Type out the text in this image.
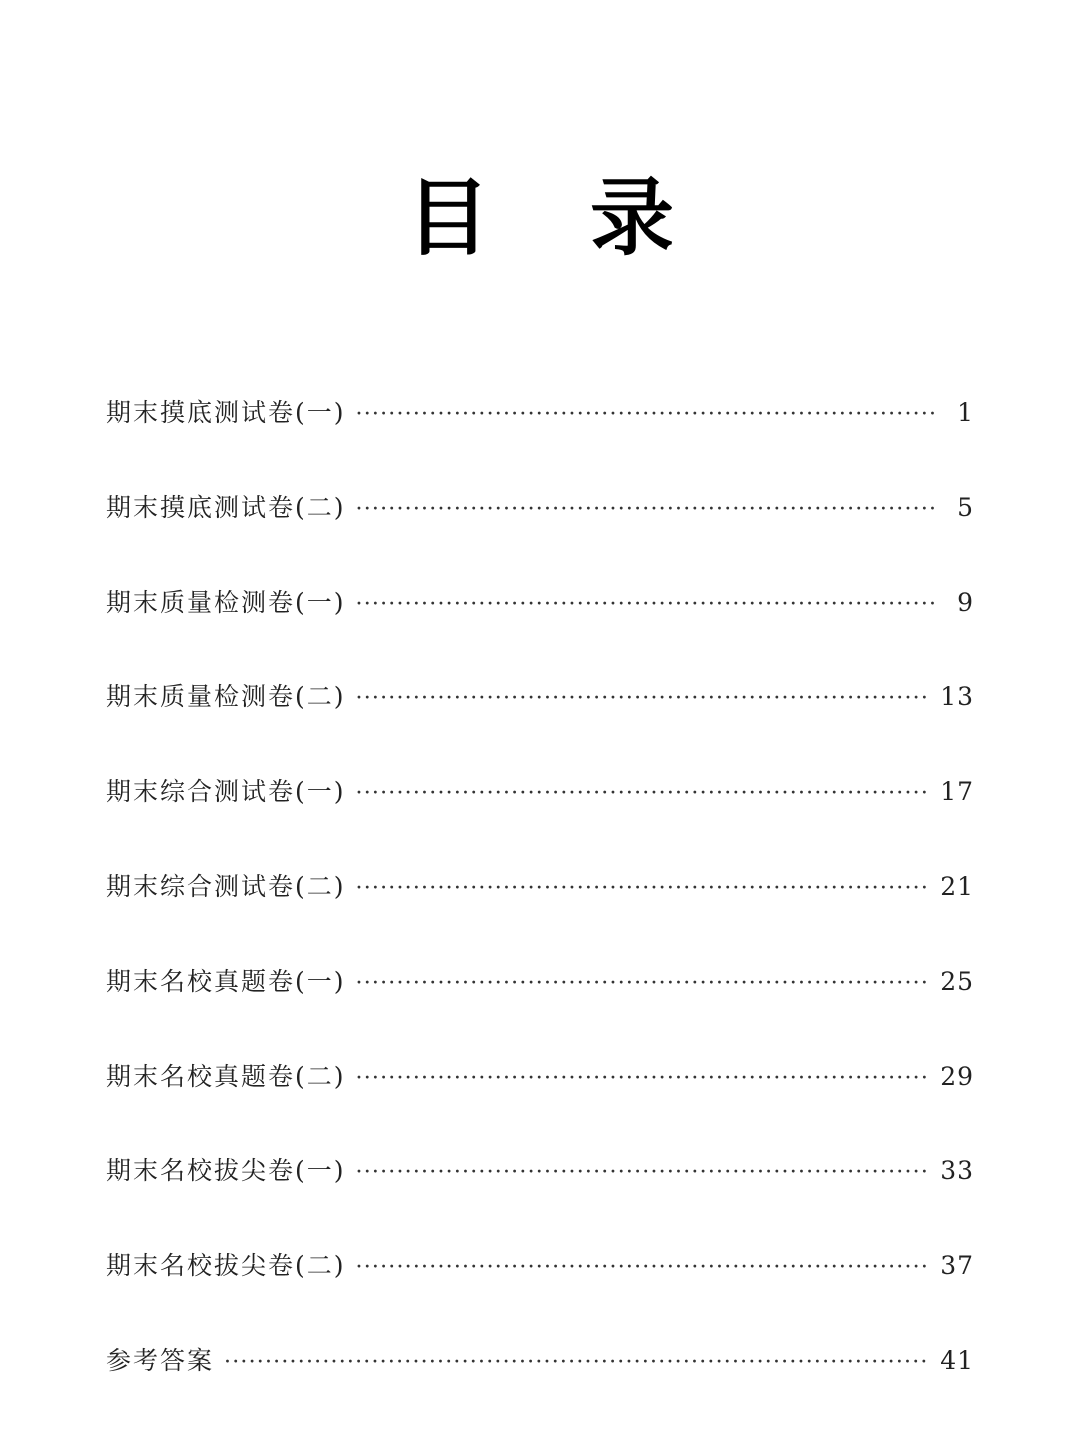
目 录
期末摸底测试卷(一) ·····	1
期末摸底测试卷(二) ·····	5
期末质量检测卷(一) ·····	9
期末质量检测卷(二) ·····	13
期末综合测试卷(一) ·····	17
期末综合测试卷(二) ·····	21
期末名校真题卷(一) ·····	25
期末名校真题卷(二) ·····	29
期末名校拔尖卷(一) ·····	33
期末名校拔尖卷(二) ·····	37
参考答案 ·····	41
